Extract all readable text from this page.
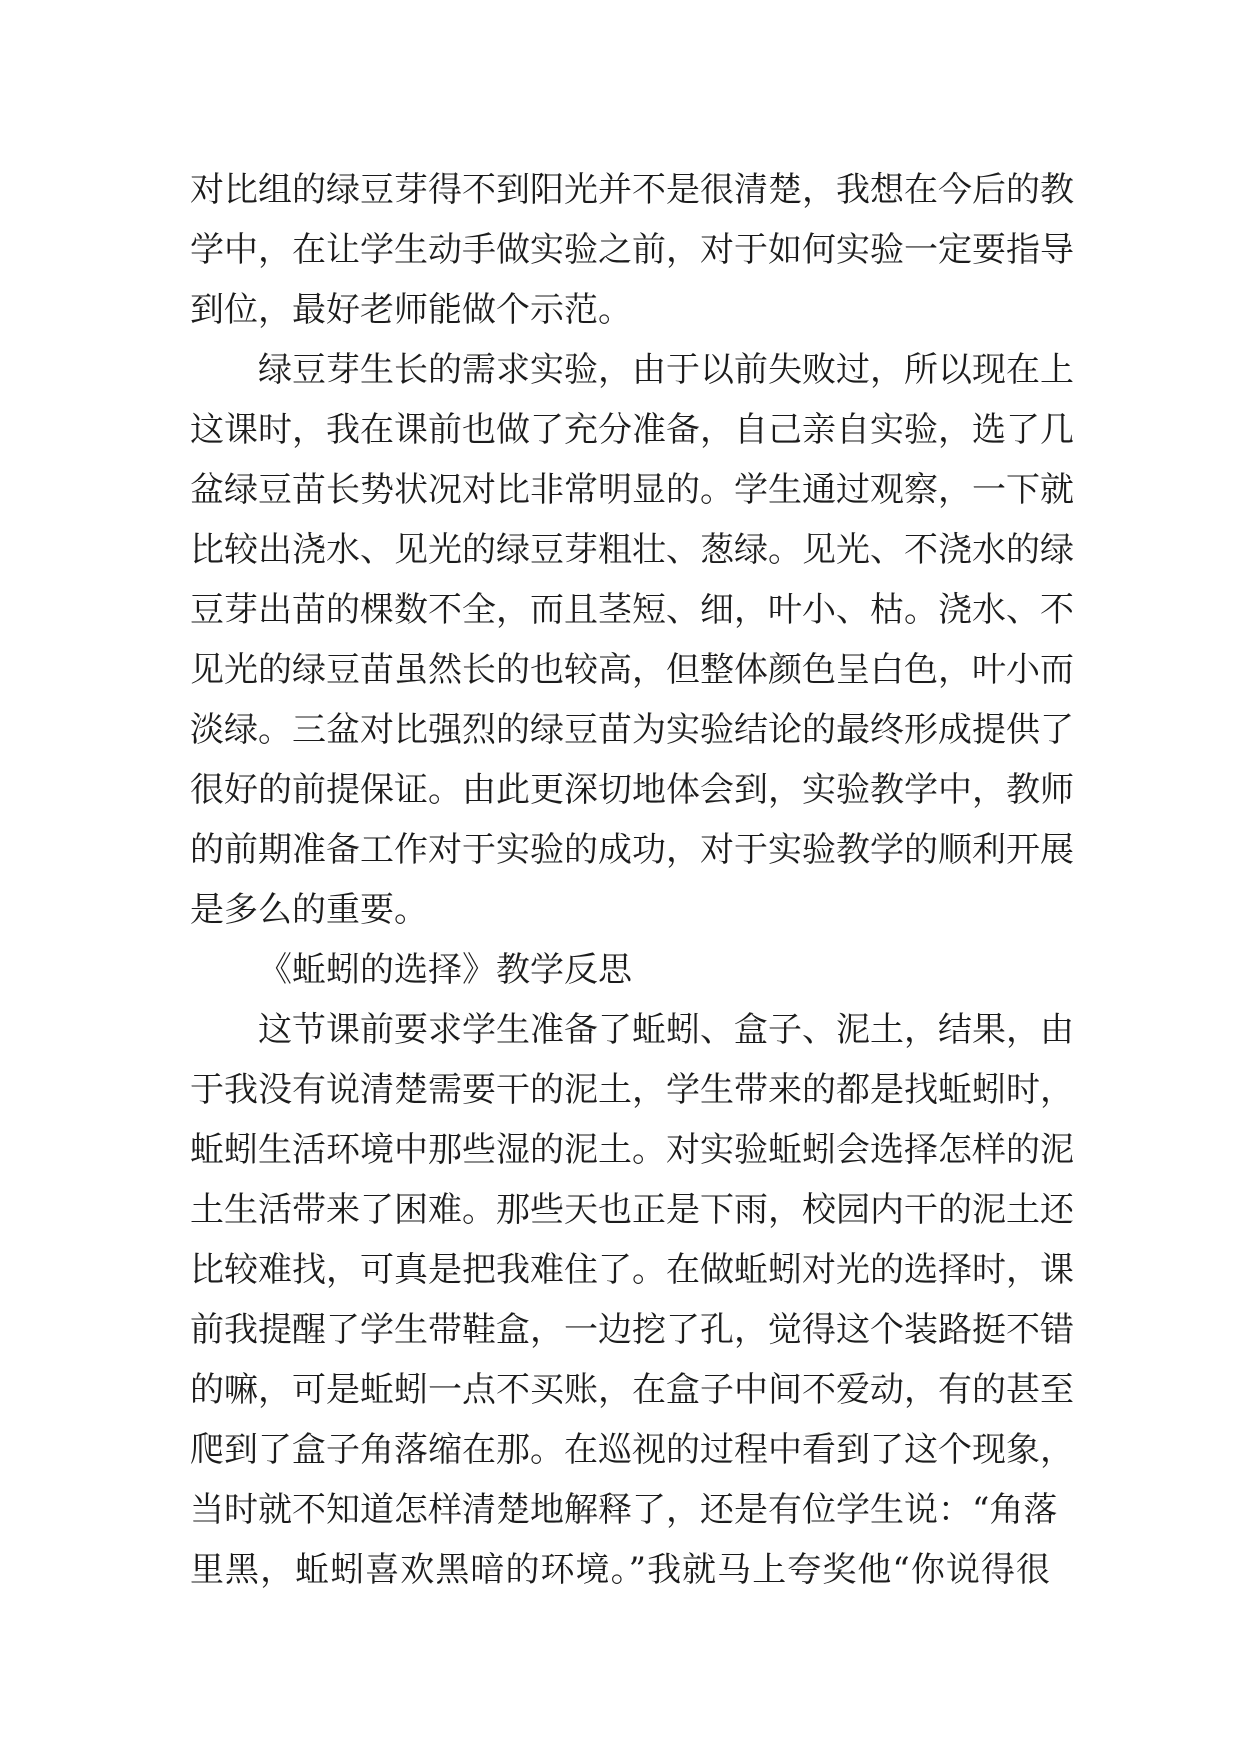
对比组的绿豆芽得不到阳光并不是很清楚，我想在今后的教
学中，在让学生动手做实验之前，对于如何实验一定要指导
到位，最好老师能做个示范。
绿豆芽生长的需求实验，由于以前失败过，所以现在上
这课时，我在课前也做了充分准备，自己亲自实验，选了几
盆绿豆苗长势状况对比非常明显的。学生通过观察，一下就
比较出浇水、见光的绿豆芽粗壮、葱绿。见光、不浇水的绿
豆芽出苗的棵数不全，而且茎短、细，叶小、枯。浇水、不
见光的绿豆苗虽然长的也较高，但整体颜色呈白色，叶小而
淡绿。三盆对比强烈的绿豆苗为实验结论的最终形成提供了
很好的前提保证。由此更深切地体会到，实验教学中，教师
的前期准备工作对于实验的成功，对于实验教学的顺利开展
是多么的重要。
《蚯蚓的选择》教学反思
这节课前要求学生准备了蚯蚓、盒子、泥土，结果，由
于我没有说清楚需要干的泥土，学生带来的都是找蚯蚓时，
蚯蚓生活环境中那些湿的泥土。对实验蚯蚓会选择怎样的泥
土生活带来了困难。那些天也正是下雨，校园内干的泥土还
比较难找，可真是把我难住了。在做蚯蚓对光的选择时，课
前我提醒了学生带鞋盒，一边挖了孔，觉得这个装路挺不错
的嘛，可是蚯蚓一点不买账，在盒子中间不爱动，有的甚至
爬到了盒子角落缩在那。在巡视的过程中看到了这个现象，
当时就不知道怎样清楚地解释了，还是有位学生说：“角落
里黑，蚯蚓喜欢黑暗的环境。”我就马上夸奖他“你说得很
